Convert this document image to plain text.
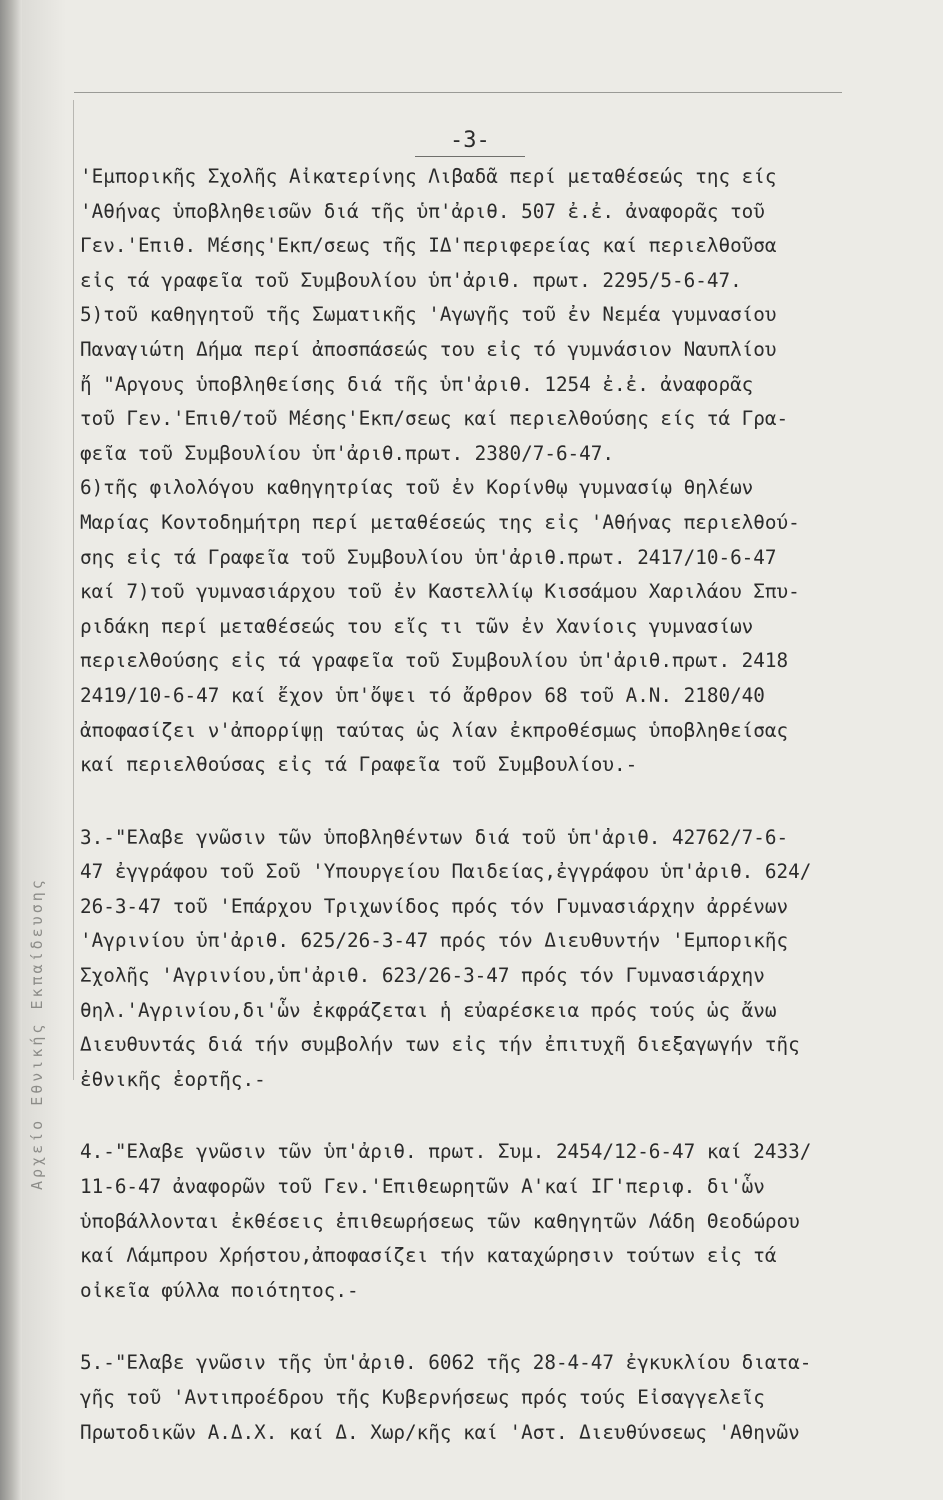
-3-
'Εμπορικῆς Σχολῆς Αἰκατερίνης Λιβαδᾶ περί μεταθέσεώς της είς
'Αθήνας ὑποβληθεισῶν διά τῆς ὑπ'ἀριθ. 507 ἐ.ἐ. ἀναφορᾶς τοῦ
Γεν.'Επιθ. Μέσης'Εκπ/σεως τῆς ΙΔ'περιφερείας καί περιελθοῦσα
εἰς τά γραφεῖα τοῦ Συμβουλίου ὑπ'ἀριθ. πρωτ. 2295/5-6-47.
5)τοῦ καθηγητοῦ τῆς Σωματικῆς 'Αγωγῆς τοῦ ἐν Νεμέα γυμνασίου
Παναγιώτη Δήμα περί ἀποσπάσεώς του εἰς τό γυμνάσιον Ναυπλίου
ἤ "Αργους ὑποβληθείσης διά τῆς ὑπ'ἀριθ. 1254 ἐ.ἐ. ἀναφορᾶς
τοῦ Γεν.'Επιθ/τοῦ Μέσης'Εκπ/σεως καί περιελθούσης είς τά Γρα-
φεῖα τοῦ Συμβουλίου ὑπ'ἀριθ.πρωτ. 2380/7-6-47.
6)τῆς φιλολόγου καθηγητρίας τοῦ ἐν Κορίνθῳ γυμνασίῳ θηλέων
Μαρίας Κοντοδημήτρη περί μεταθέσεώς της εἰς 'Αθήνας περιελθού-
σης εἰς τά Γραφεῖα τοῦ Συμβουλίου ὑπ'ἀριθ.πρωτ. 2417/10-6-47
καί 7)τοῦ γυμνασιάρχου τοῦ ἐν Καστελλίῳ Κισσάμου Χαριλάου Σπυ-
ριδάκη περί μεταθέσεώς του εἴς τι τῶν ἐν Χανίοις γυμνασίων
περιελθούσης εἰς τά γραφεῖα τοῦ Συμβουλίου ὑπ'ἀριθ.πρωτ. 2418
2419/10-6-47 καί ἔχον ὑπ'ὄψει τό ἄρθρον 68 τοῦ Α.Ν. 2180/40
ἀποφασίζει ν'ἀπορρίψῃ ταύτας ὡς λίαν ἐκπροθέσμως ὑποβληθείσας
καί περιελθούσας εἰς τά Γραφεῖα τοῦ Συμβουλίου.-
3.-"Ελαβε γνῶσιν τῶν ὑποβληθέντων διά τοῦ ὑπ'ἀριθ. 42762/7-6-
47 ἐγγράφου τοῦ Σοῦ 'Υπουργείου Παιδείας,ἐγγράφου ὑπ'ἀριθ. 624/
26-3-47 τοῦ 'Επάρχου Τριχωνίδος πρός τόν Γυμνασιάρχην ἀρρένων
'Αγρινίου ὑπ'ἀριθ. 625/26-3-47 πρός τόν Διευθυντήν 'Εμπορικῆς
Σχολῆς 'Αγρινίου,ὑπ'ἀριθ. 623/26-3-47 πρός τόν Γυμνασιάρχην
θηλ.'Αγρινίου,δι'ὧν ἐκφράζεται ἡ εὐαρέσκεια πρός τούς ὡς ἄνω
Διευθυντάς διά τήν συμβολήν των εἰς τήν ἐπιτυχῆ διεξαγωγήν τῆς
ἐθνικῆς ἑορτῆς.-
4.-"Ελαβε γνῶσιν τῶν ὑπ'ἀριθ. πρωτ. Συμ. 2454/12-6-47 καί 2433/
11-6-47 ἀναφορῶν τοῦ Γεν.'Επιθεωρητῶν Α'καί ΙΓ'περιφ. δι'ὧν
ὑποβάλλονται ἐκθέσεις ἐπιθεωρήσεως τῶν καθηγητῶν Λάδη Θεοδώρου
καί Λάμπρου Χρήστου,ἀποφασίζει τήν καταχώρησιν τούτων εἰς τά
οἰκεῖα φύλλα ποιότητος.-
5.-"Ελαβε γνῶσιν τῆς ὑπ'ἀριθ. 6062 τῆς 28-4-47 ἐγκυκλίου διατα-
γῆς τοῦ 'Αντιπροέδρου τῆς Κυβερνήσεως πρός τούς Εἰσαγγελεῖς
Πρωτοδικῶν Α.Δ.Χ. καί Δ. Χωρ/κῆς καί 'Αστ. Διευθύνσεως 'Αθηνῶν
